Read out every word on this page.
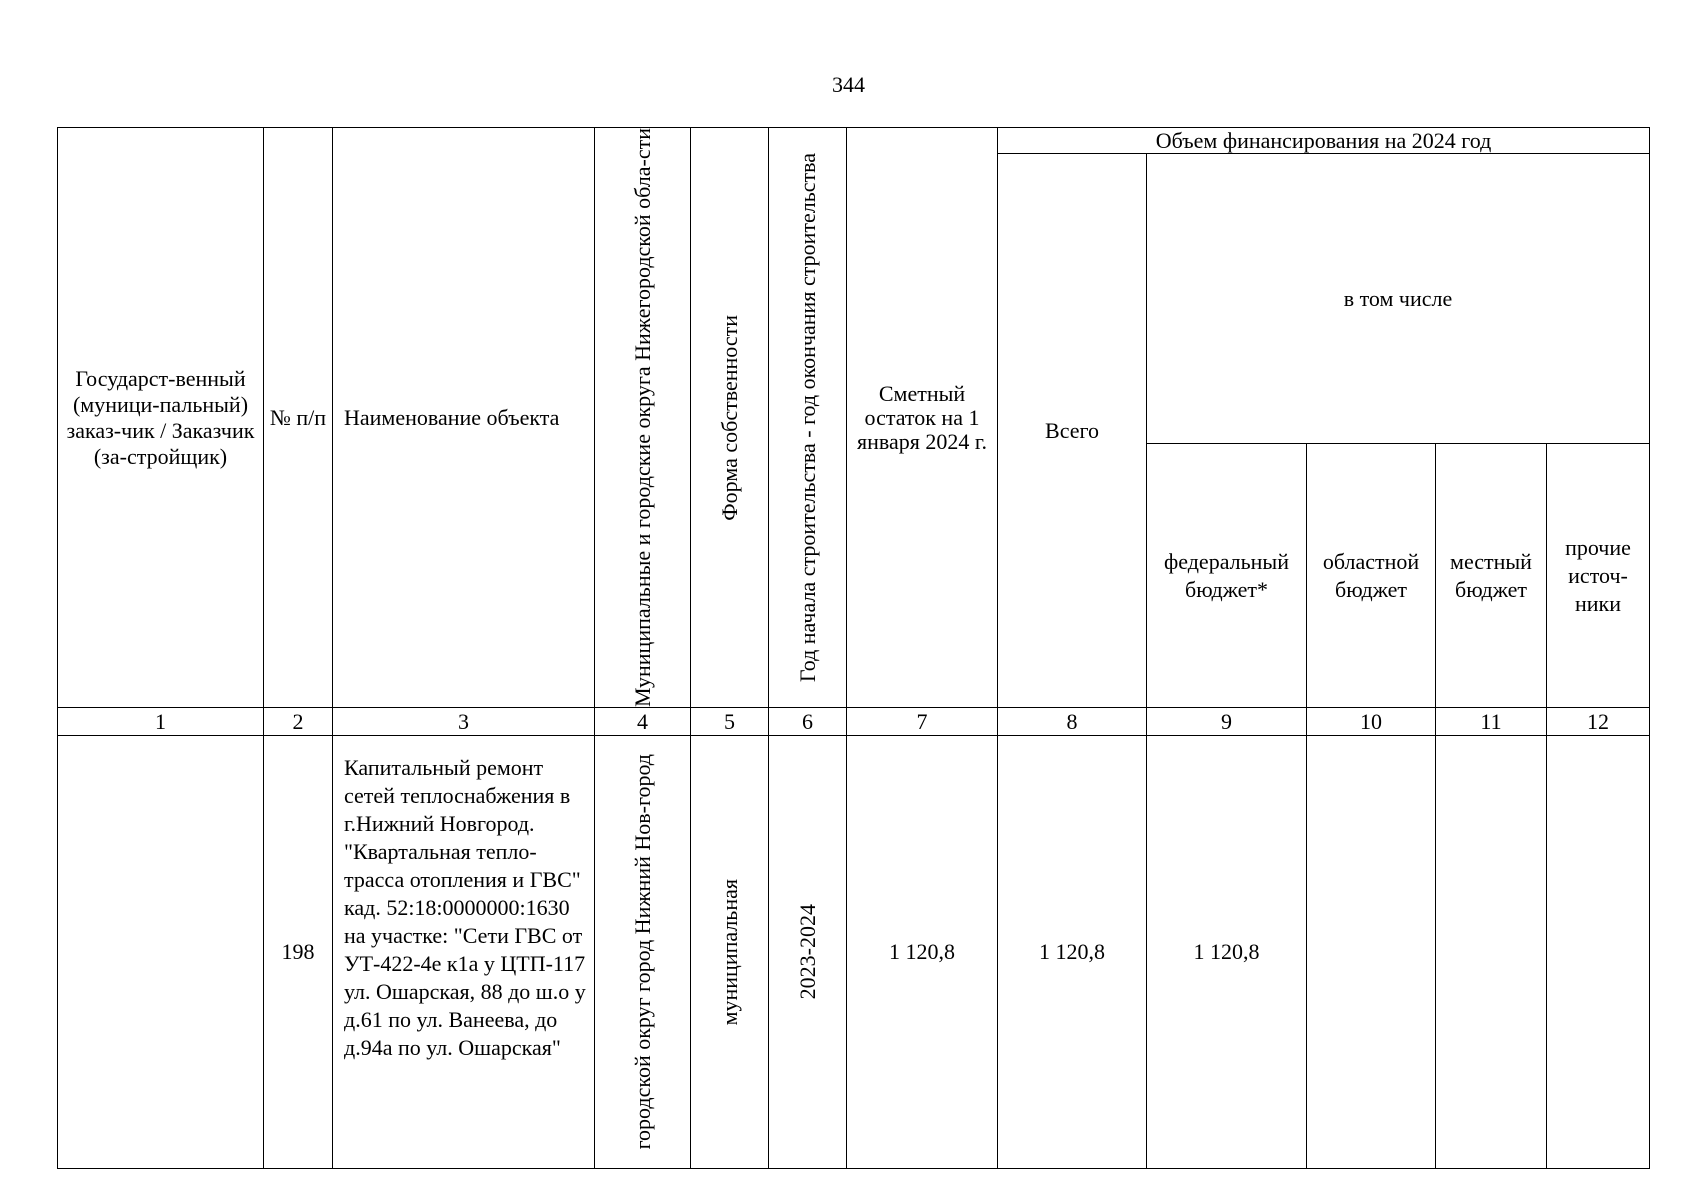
344
Государст-венный (муници-пальный) заказ-чик / Заказчик (за-стройщик)	№ п/п	Наименование объекта	Муниципальные и городские округа Нижегородской обла-сти	Форма собственности	Год начала строительства - год окончания строительства	Сметный остаток на 1 января 2024 г.	Объем финансирования на 2024 год				
							Всего	в том числе			
								федеральный бюджет*	областной бюджет	местный бюджет	прочие источ-ники
1	2	3	4	5	6	7	8	9	10	11	12
	198	Капитальный ремонт сетей теплоснабжения в г.Нижний Новгород. "Квартальная тепло-трасса отопления и ГВС" кад. 52:18:0000000:1630 на участке: "Сети ГВС от УТ-422-4е к1а у ЦТП-117 ул. Ошарская, 88 до ш.о у д.61 по ул. Ванеева, до д.94а по ул. Ошарская"	городской округ город Нижний Нов-город	муниципальная	2023-2024	1 120,8	1 120,8	1 120,8			
